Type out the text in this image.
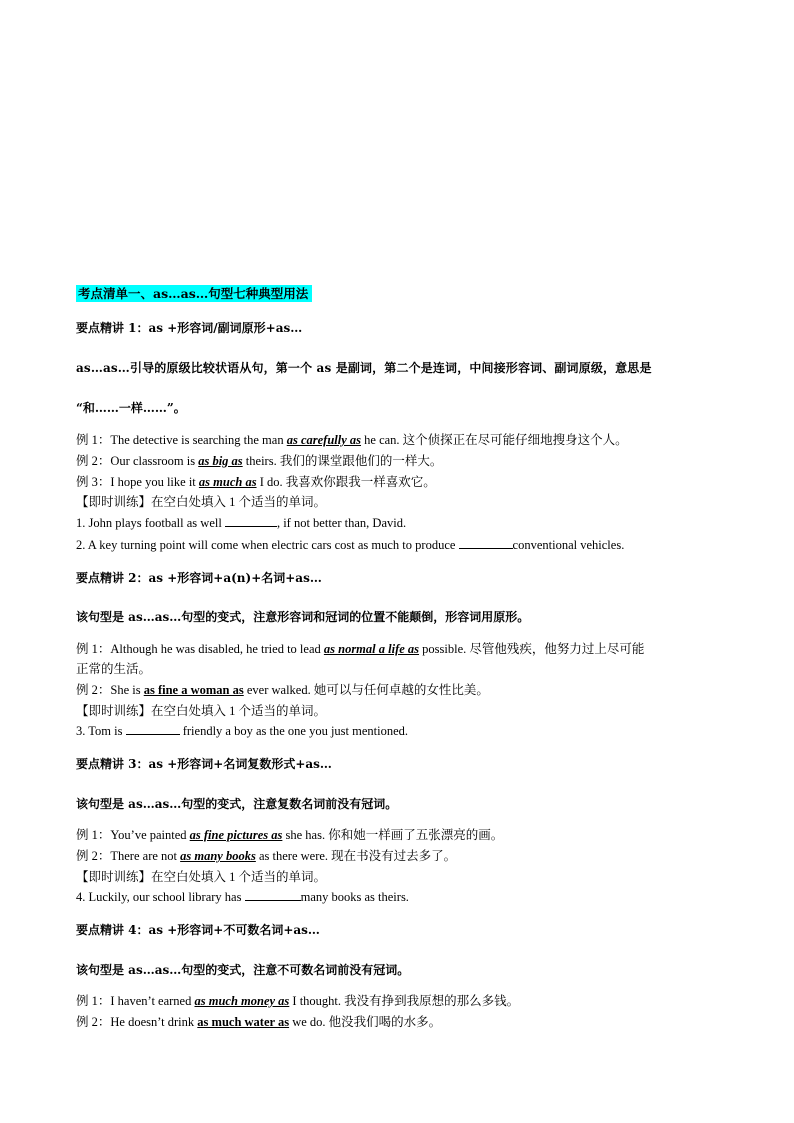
考点清单一、as…as…句型七种典型用法
要点精讲 1：as +形容词/副词原形+as…
as…as…引导的原级比较状语从句，第一个 as 是副词，第二个是连词，中间接形容词、副词原级，意思是
“和……一样……”。
例 1：The detective is searching the man as carefully as he can. 这个侦探正在尽可能仔细地搜身这个人。
例 2：Our classroom is as big as theirs. 我们的课堂跟他们的一样大。
例 3：I hope you like it as much as I do. 我喜欢你跟我一样喜欢它。
【即时训练】在空白处填入 1 个适当的单词。
1. John plays football as well	, if not better than, David.
2. A key turning point will come when electric cars cost as much to produce	conventional vehicles.
要点精讲 2：as +形容词+a(n)+名词+as…
该句型是 as…as…句型的变式，注意形容词和冠词的位置不能颠倒，形容词用原形。
例 1：Although he was disabled, he tried to lead as normal a life as possible. 尽管他残疾，他努力过上尽可能
正常的生活。
例 2：She is as fine a woman as ever walked. 她可以与任何卓越的女性比美。
【即时训练】在空白处填入 1 个适当的单词。
3. Tom is	friendly a boy as the one you just mentioned.
要点精讲 3：as +形容词+名词复数形式+as…
该句型是 as…as…句型的变式，注意复数名词前没有冠词。
例 1：You’ve painted as fine pictures as she has. 你和她一样画了五张漂亮的画。
例 2：There are not as many books as there were. 现在书没有过去多了。
【即时训练】在空白处填入 1 个适当的单词。
4. Luckily, our school library has	many books as theirs.
要点精讲 4：as +形容词+不可数名词+as…
该句型是 as…as…句型的变式，注意不可数名词前没有冠词。
例 1：I haven’t earned as much money as I thought. 我没有挣到我原想的那么多钱。
例 2：He doesn’t drink as much water as we do. 他没我们喝的水多。
